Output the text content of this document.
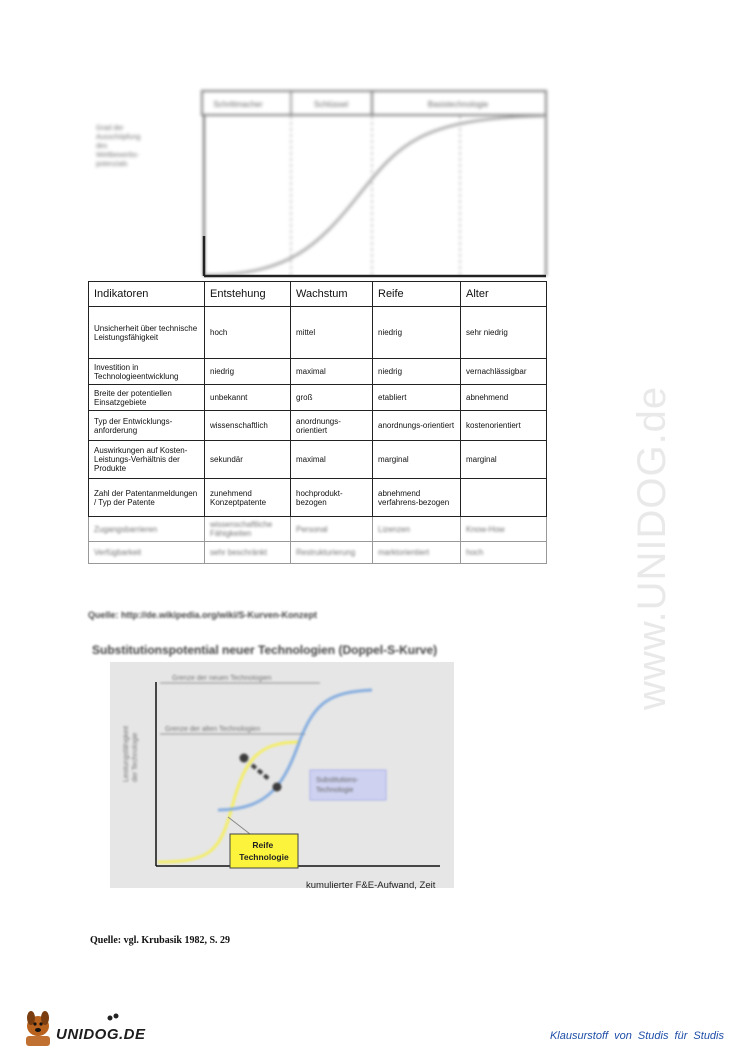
Schrittmacher	Schlüssel	Basistechnologie
Grad der Ausschöpfung des Wettbewerbs- potenzials
Indikatoren	Entstehung	Wachstum	Reife	Alter
Unsicherheit über technische Leistungsfähigkeit	hoch	mittel	niedrig	sehr niedrig
Investition in Technologieentwicklung	niedrig	maximal	niedrig	vernachlässigbar
Breite der potentiellen Einsatzgebiete	unbekannt	groß	etabliert	abnehmend
Typ der Entwicklungs-anforderung	wissenschaftlich	anordnungs-orientiert	anordnungs-orientiert	kostenorientiert
Auswirkungen auf Kosten- Leistungs-Verhältnis der Produkte	sekundär	maximal	marginal	marginal
Zahl der Patentanmeldungen / Typ der Patente	zunehmend Konzeptpatente	hochprodukt-bezogen	abnehmend verfahrens-bezogen	
Zugangsbarrieren	wissenschaftliche Fähigkeiten	Personal	Lizenzen	Know-How
Verfügbarkeit	sehr beschränkt	Restrukturierung	marktorientiert	hoch
Quelle: http://de.wikipedia.org/wiki/S-Kurven-Konzept
Substitutionspotential neuer Technologien (Doppel-S-Kurve)
Leistungsfähigkeit der Technologie
Grenze der neuen Technologien
Grenze der alten Technologien
Substitutions- Technologie
Reife Technologie
kumulierter F&E-Aufwand, Zeit
Quelle: vgl. Krubasik 1982, S. 29
www.UNIDOG.de
UNIDOG.DE	Klausurstoff von Studis für Studis
